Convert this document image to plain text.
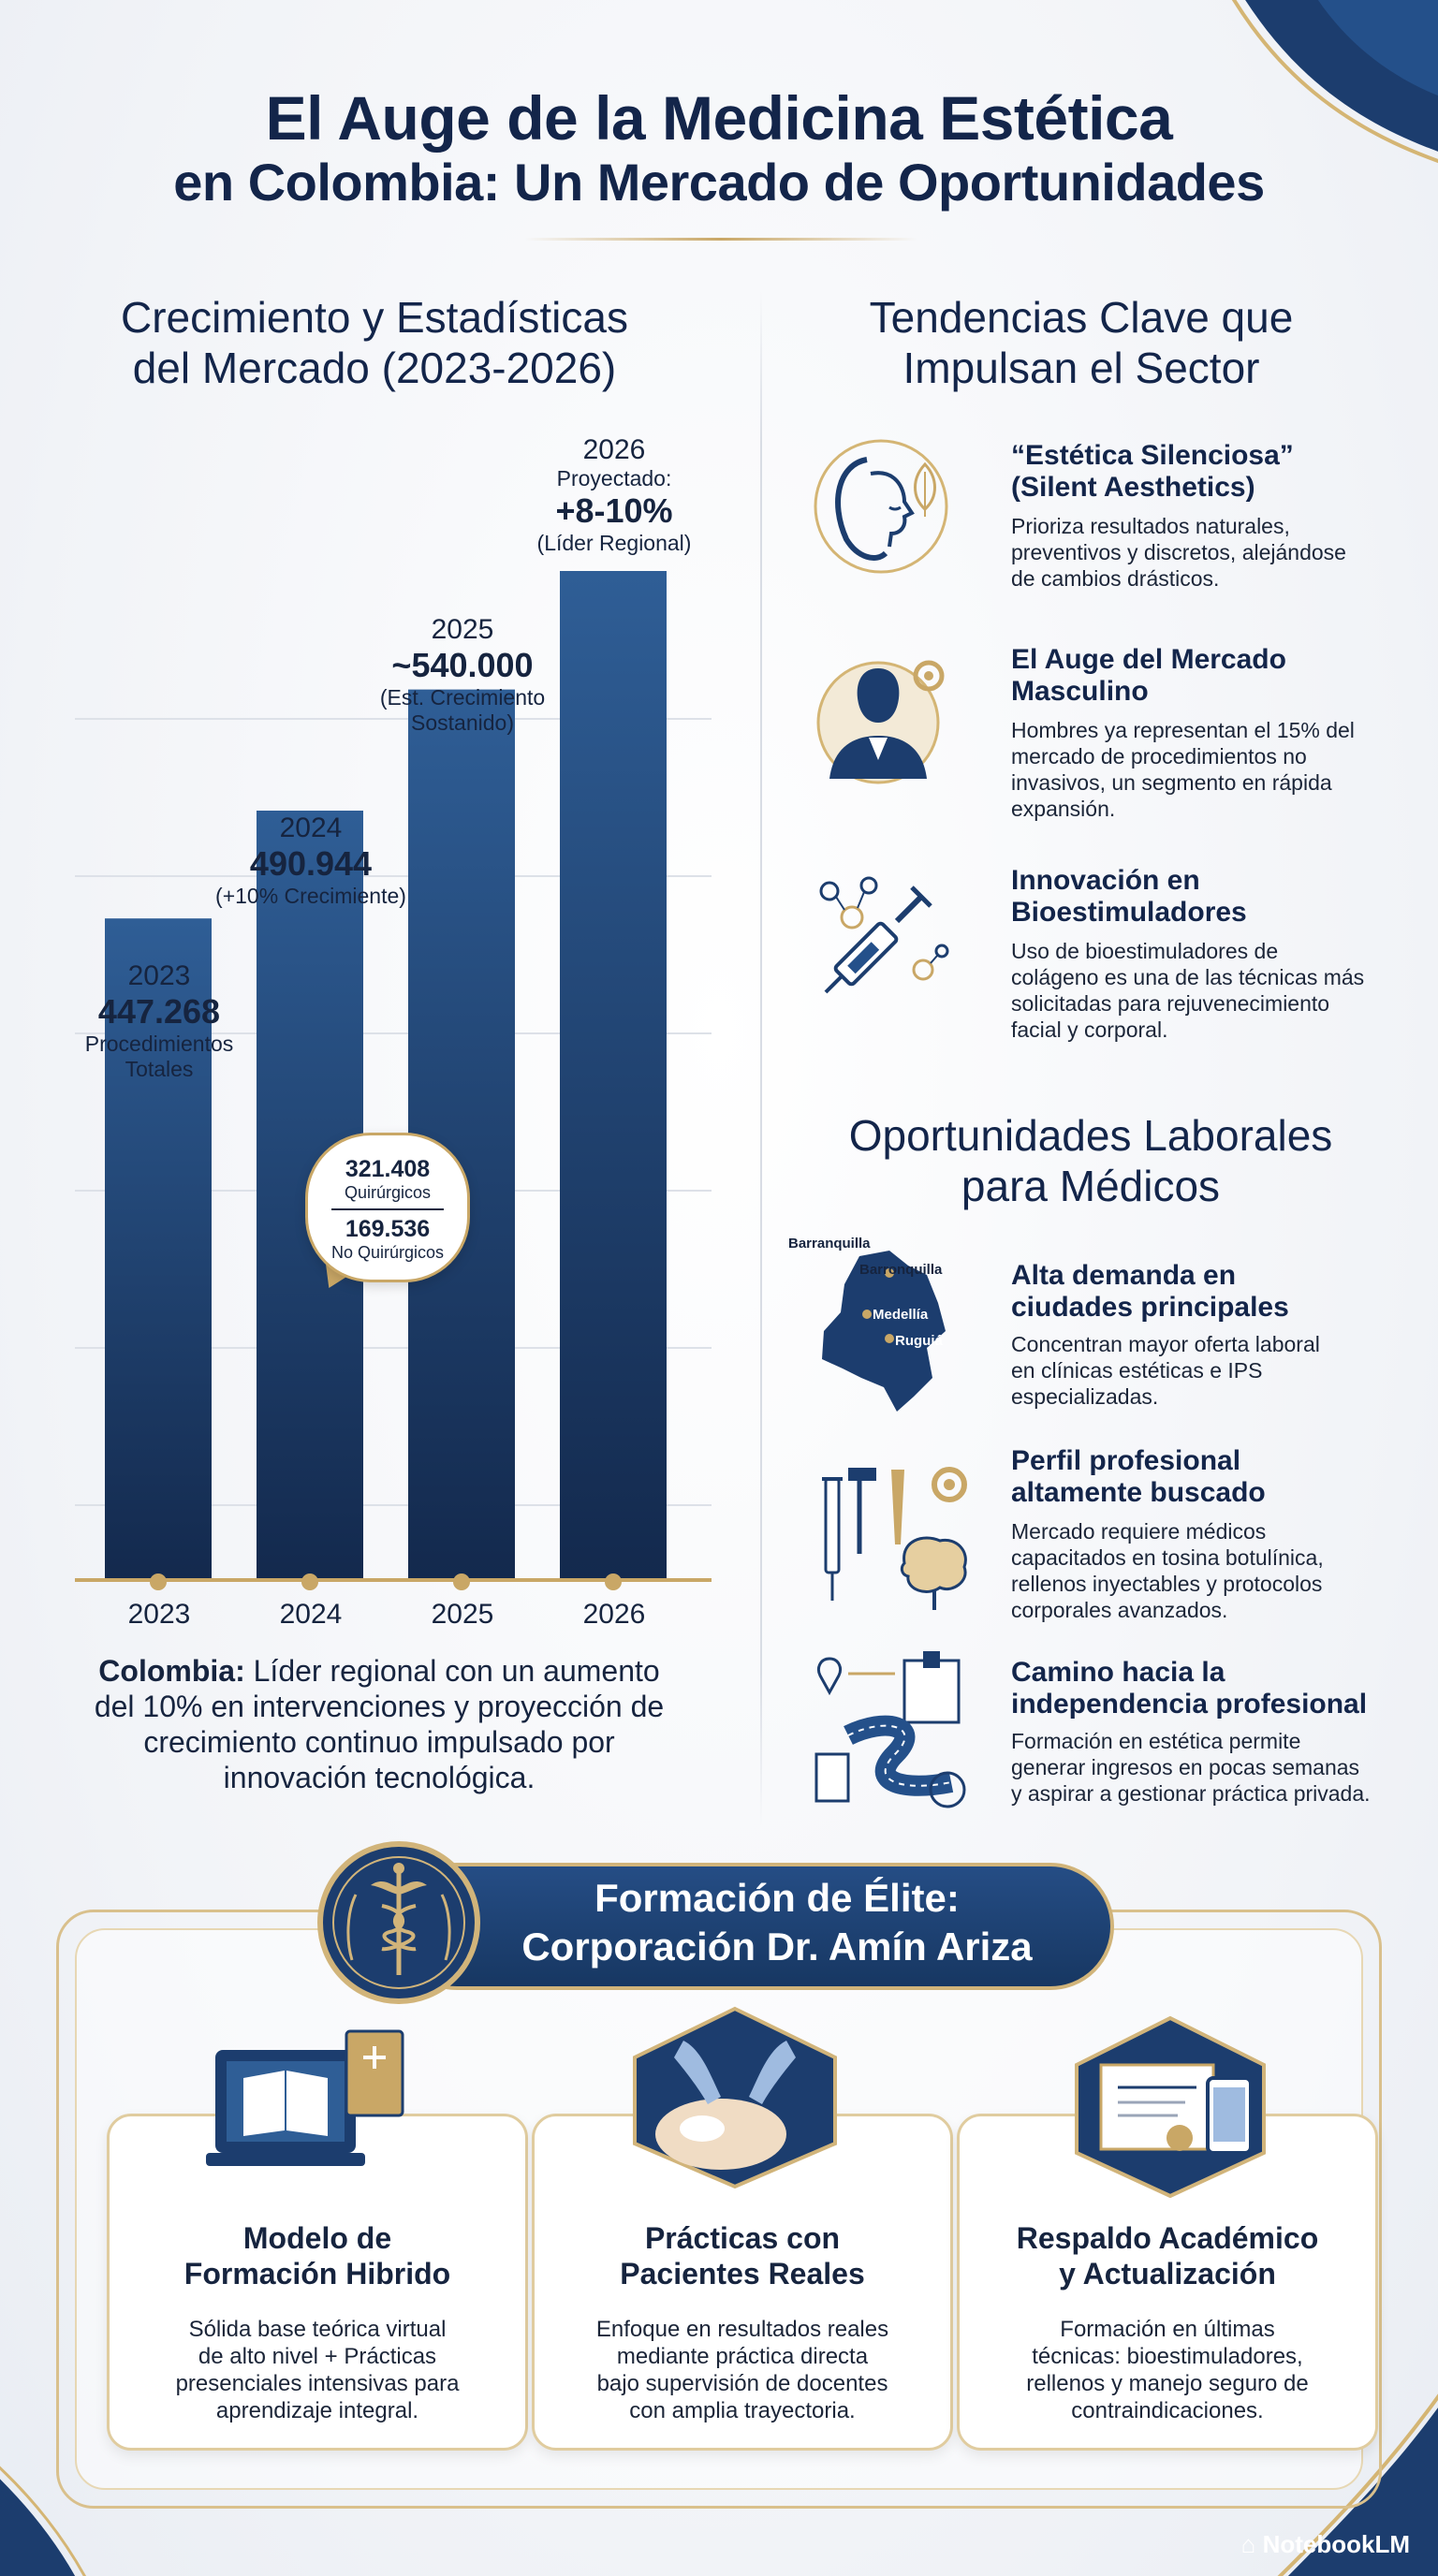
El Auge de la Medicina Estética
en Colombia: Un Mercado de Oportunidades
Crecimiento y Estadísticas
del Mercado (2023-2026)
2023
447.268
Procedimientos
Totales
2024
490.944
(+10% Crecimiente)
2025
~540.000
(Est. Crecimiento
Sostanido)
2026
Proyectado:
+8-10%
(Líder Regional)
321.408
Quirúrgicos
169.536
No Quirúrgicos
2023	2024	2025	2026
Colombia: Líder regional con un aumento del 10% en intervenciones y proyección de crecimiento continuo impulsado por innovación tecnológica.
Tendencias Clave que
Impulsan el Sector
“Estética Silenciosa”
(Silent Aesthetics)
Prioriza resultados naturales,
preventivos y discretos, alejándose
de cambios drásticos.
El Auge del Mercado
Masculino
Hombres ya representan el 15% del
mercado de procedimientos no
invasivos, un segmento en rápida
expansión.
Innovación en
Bioestimuladores
Uso de bioestimuladores de
colágeno es una de las técnicas más
solicitadas para rejuvenecimiento
facial y corporal.
Oportunidades Laborales
para Médicos
Barranquilla
Barronquilla
Medellía
Ruguiá
Alta demanda en
ciudades principales
Concentran mayor oferta laboral
en clínicas estéticas e IPS
especializadas.
Perfil profesional
altamente buscado
Mercado requiere médicos
capacitados en tosina botulínica,
rellenos inyectables y protocolos
corporales avanzados.
Camino hacia la
independencia profesional
Formación en estética permite
generar ingresos en pocas semanas
y aspirar a gestionar práctica privada.
Formación de Élite:
Corporación Dr. Amín Ariza
Modelo de
Formación Hibrido
Sólida base teórica virtual
de alto nivel + Prácticas
presenciales intensivas para
aprendizaje integral.
Prácticas con
Pacientes Reales
Enfoque en resultados reales
mediante práctica directa
bajo supervisión de docentes
con amplia trayectoria.
Respaldo Académico
y Actualización
Formación en últimas
técnicas: bioestimuladores,
rellenos y manejo seguro de
contraindicaciones.
⌂ NotebookLM
